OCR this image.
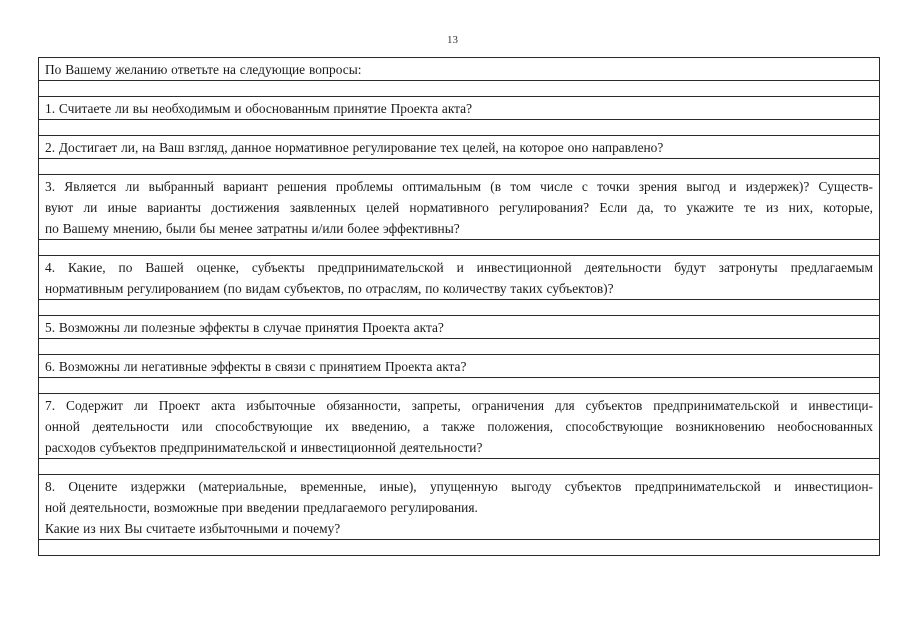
13
По Вашему желанию ответьте на следующие вопросы:

1. Считаете ли вы необходимым и обоснованным принятие Проекта акта?

2. Достигает ли, на Ваш взгляд, данное нормативное регулирование тех целей, на которое оно направлено?

3. Является ли выбранный вариант решения проблемы оптимальным (в том числе с точки зрения выгод и издержек)? Существ-
вуют ли иные варианты достижения заявленных целей нормативного регулирования? Если да, то укажите те из них, которые,
по Вашему мнению, были бы менее затратны и/или более эффективны?

4. Какие, по Вашей оценке, субъекты предпринимательской и инвестиционной деятельности будут затронуты предлагаемым
нормативным регулированием (по видам субъектов, по отраслям, по количеству таких субъектов)?

5. Возможны ли полезные эффекты в случае принятия Проекта акта?

6. Возможны ли негативные эффекты в связи с принятием Проекта акта?

7. Содержит ли Проект акта избыточные обязанности, запреты, ограничения для субъектов предпринимательской и инвестици-
онной деятельности или способствующие их введению, а также положения, способствующие возникновению необоснованных
расходов субъектов предпринимательской и инвестиционной деятельности?

8. Оцените издержки (материальные, временные, иные), упущенную выгоду субъектов предпринимательской и инвестицион-
ной деятельности, возможные при введении предлагаемого регулирования.
Какие из них Вы считаете избыточными и почему?
